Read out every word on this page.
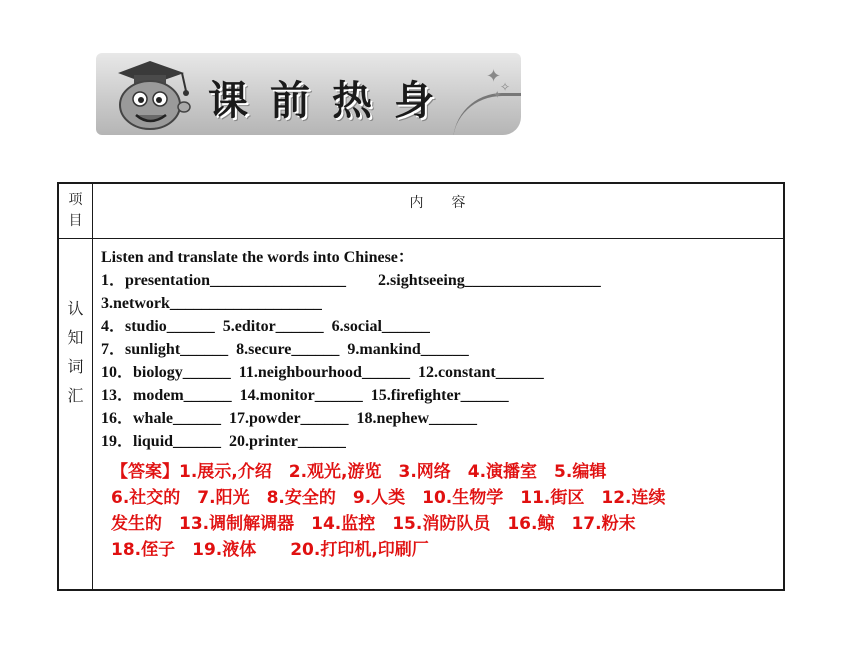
课前热身
✦
✧
✦
项
目
内　　容
认
知
词
汇
Listen and translate the words into Chinese：
1．presentation_________________        2.sightseeing_________________
3.network___________________
4．studio______  5.editor______  6.social______
7．sunlight______  8.secure______  9.mankind______
10．biology______  11.neighbourhood______  12.constant______
13．modem______  14.monitor______  15.firefighter______
16．whale______  17.powder______  18.nephew______
19．liquid______  20.printer______
【答案】1.展示,介绍　2.观光,游览　3.网络　4.演播室　5.编辑
6.社交的　7.阳光　8.安全的　9.人类　10.生物学　11.街区　12.连续
发生的　13.调制解调器　14.监控　15.消防队员　16.鲸　17.粉末
18.侄子　19.液体　　20.打印机,印刷厂
